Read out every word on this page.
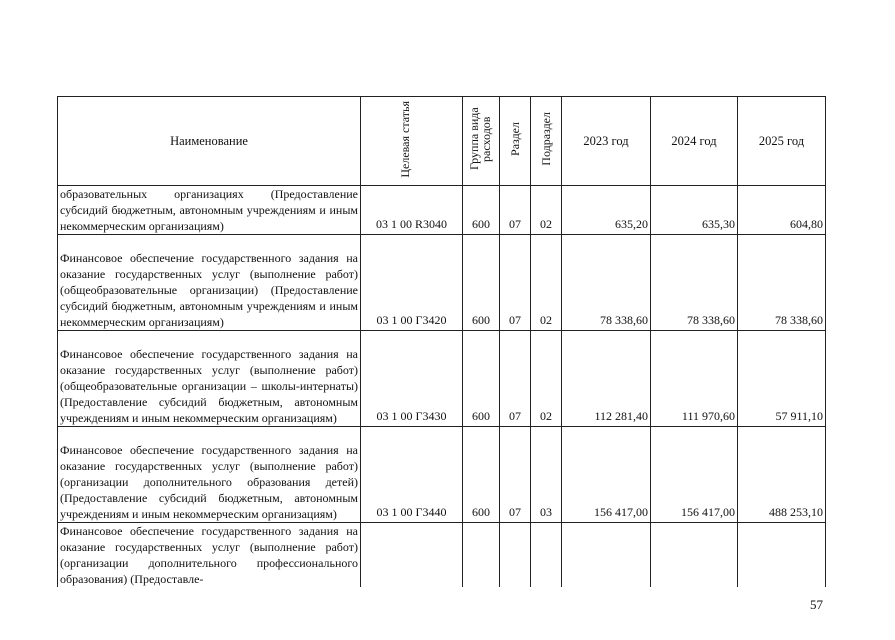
Наименование	Целевая статья	Группа вида расходов	Раздел	Подраздел	2023 год	2024 год	2025 год
образовательных организациях (Предоставление субсидий бюджетным, автономным учреждениям и иным некоммерческим организациям)	03 1 00 R3040	600	07	02	635,20	635,30	604,80
Финансовое обеспечение государственного задания на оказание государственных услуг (выполнение работ) (общеобразовательные организации) (Предоставление субсидий бюджетным, автономным учреждениям и иным некоммерческим организациям)	03 1 00 Г3420	600	07	02	78 338,60	78 338,60	78 338,60
Финансовое обеспечение государственного задания на оказание государственных услуг (выполнение работ) (общеобразовательные организации – школы-интернаты) (Предоставление субсидий бюджетным, автономным учреждениям и иным некоммерческим организациям)	03 1 00 Г3430	600	07	02	112 281,40	111 970,60	57 911,10
Финансовое обеспечение государственного задания на оказание государственных услуг (выполнение работ) (организации дополнительного образования детей) (Предоставление субсидий бюджетным, автономным учреждениям и иным некоммерческим организациям)	03 1 00 Г3440	600	07	03	156 417,00	156 417,00	488 253,10
Финансовое обеспечение государственного задания на оказание государственных услуг (выполнение работ) (организации дополнительного профессионального образования) (Предоставле-							
57
